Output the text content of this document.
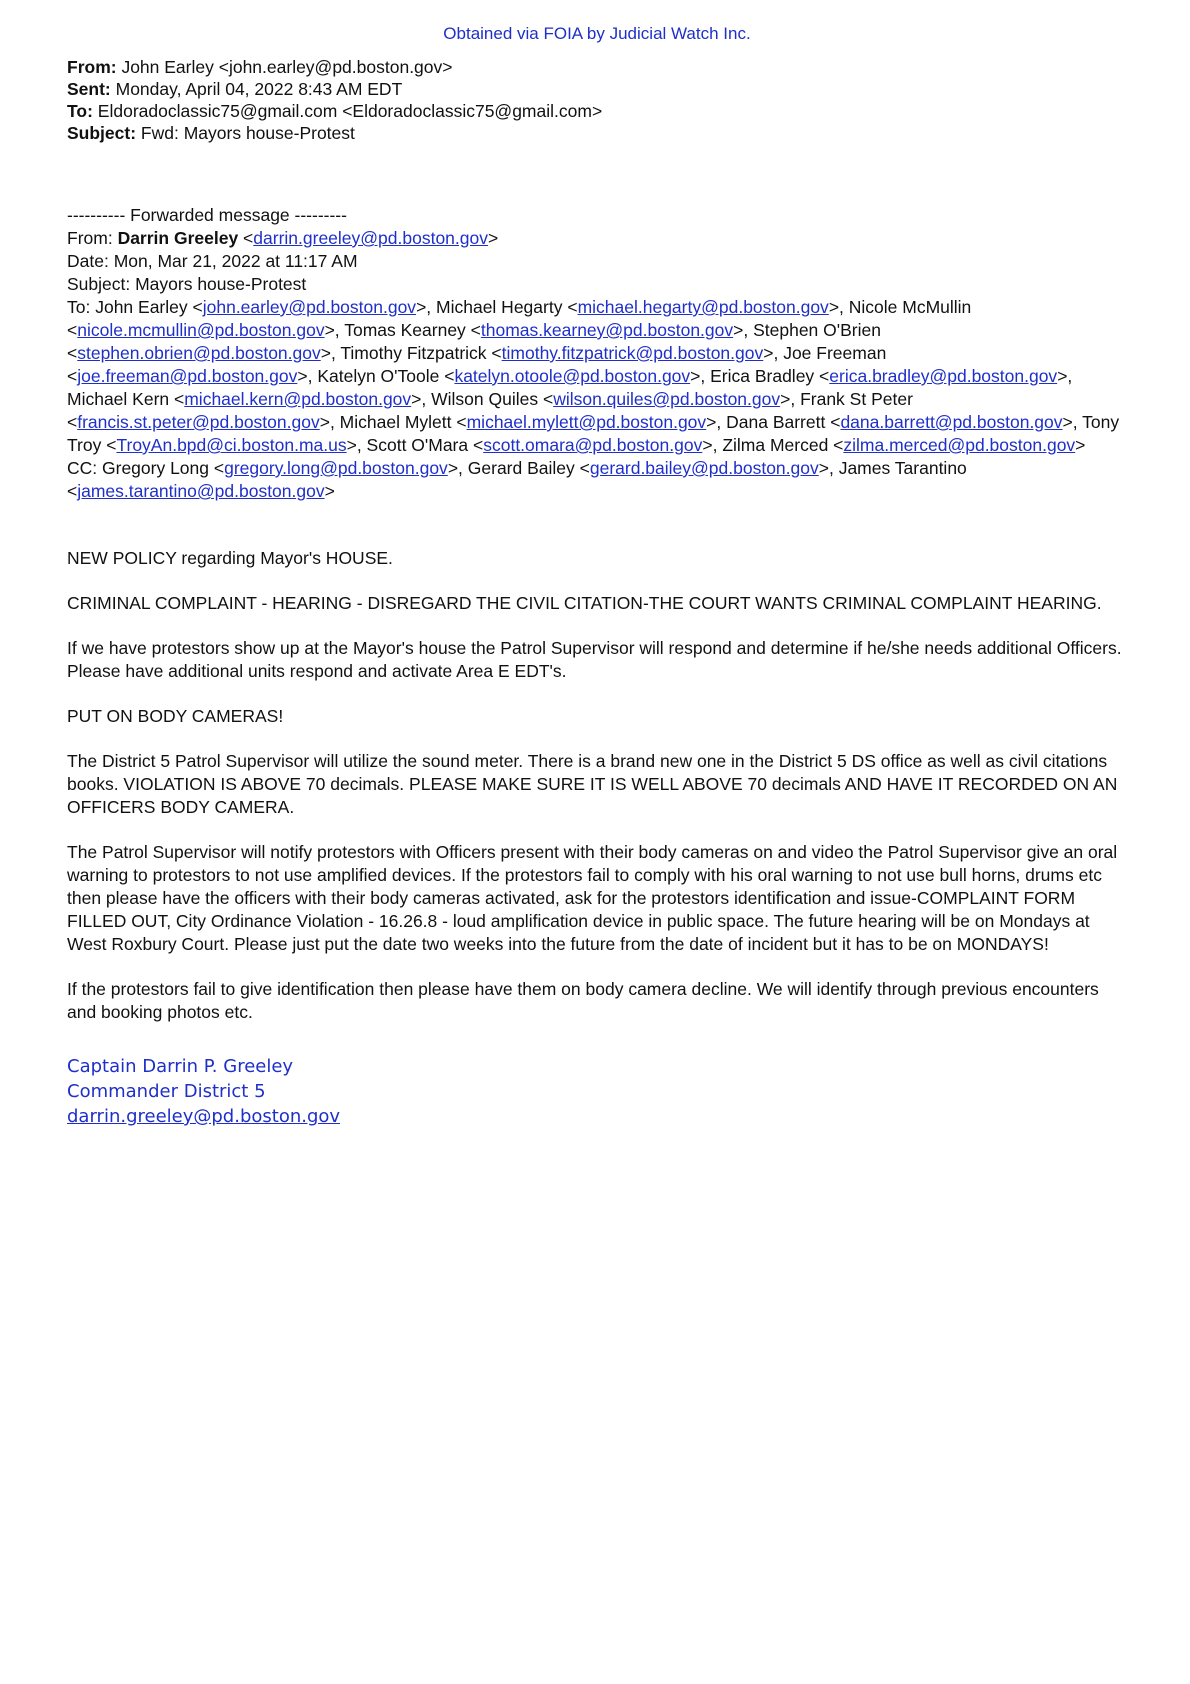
Obtained via FOIA by Judicial Watch Inc.
From: John Earley <john.earley@pd.boston.gov>
Sent: Monday, April 04, 2022 8:43 AM EDT
To: Eldoradoclassic75@gmail.com <Eldoradoclassic75@gmail.com>
Subject: Fwd: Mayors house-Protest
---------- Forwarded message ---------
From: Darrin Greeley <darrin.greeley@pd.boston.gov>
Date: Mon, Mar 21, 2022 at 11:17 AM
Subject: Mayors house-Protest
To: John Earley <john.earley@pd.boston.gov>, Michael Hegarty <michael.hegarty@pd.boston.gov>, Nicole McMullin <nicole.mcmullin@pd.boston.gov>, Tomas Kearney <thomas.kearney@pd.boston.gov>, Stephen O'Brien <stephen.obrien@pd.boston.gov>, Timothy Fitzpatrick <timothy.fitzpatrick@pd.boston.gov>, Joe Freeman <joe.freeman@pd.boston.gov>, Katelyn O'Toole <katelyn.otoole@pd.boston.gov>, Erica Bradley <erica.bradley@pd.boston.gov>, Michael Kern <michael.kern@pd.boston.gov>, Wilson Quiles <wilson.quiles@pd.boston.gov>, Frank St Peter <francis.st.peter@pd.boston.gov>, Michael Mylett <michael.mylett@pd.boston.gov>, Dana Barrett <dana.barrett@pd.boston.gov>, Tony Troy <TroyAn.bpd@ci.boston.ma.us>, Scott O'Mara <scott.omara@pd.boston.gov>, Zilma Merced <zilma.merced@pd.boston.gov>
CC: Gregory Long <gregory.long@pd.boston.gov>, Gerard Bailey <gerard.bailey@pd.boston.gov>, James Tarantino <james.tarantino@pd.boston.gov>

NEW POLICY regarding Mayor's HOUSE.

CRIMINAL COMPLAINT - HEARING - DISREGARD THE CIVIL CITATION-THE COURT WANTS CRIMINAL COMPLAINT HEARING.

If we have protestors show up at the Mayor's house the Patrol Supervisor will respond and determine if he/she needs additional Officers. Please have additional units respond and activate Area E EDT's.

PUT ON BODY CAMERAS!

The District 5 Patrol Supervisor will utilize the sound meter. There is a brand new one in the District 5 DS office as well as civil citations books. VIOLATION IS ABOVE 70 decimals. PLEASE MAKE SURE IT IS WELL ABOVE 70 decimals AND HAVE IT RECORDED ON AN OFFICERS BODY CAMERA.

The Patrol Supervisor will notify protestors with Officers present with their body cameras on and video the Patrol Supervisor give an oral warning to protestors to not use amplified devices. If the protestors fail to comply with his oral warning to not use bull horns, drums etc then please have the officers with their body cameras activated, ask for the protestors identification and issue-COMPLAINT FORM FILLED OUT, City Ordinance Violation - 16.26.8 - loud amplification device in public space. The future hearing will be on Mondays at West Roxbury Court. Please just put the date two weeks into the future from the date of incident but it has to be on MONDAYS!

If the protestors fail to give identification then please have them on body camera decline. We will identify through previous encounters and booking photos etc.

Captain Darrin P. Greeley
Commander District 5
darrin.greeley@pd.boston.gov
